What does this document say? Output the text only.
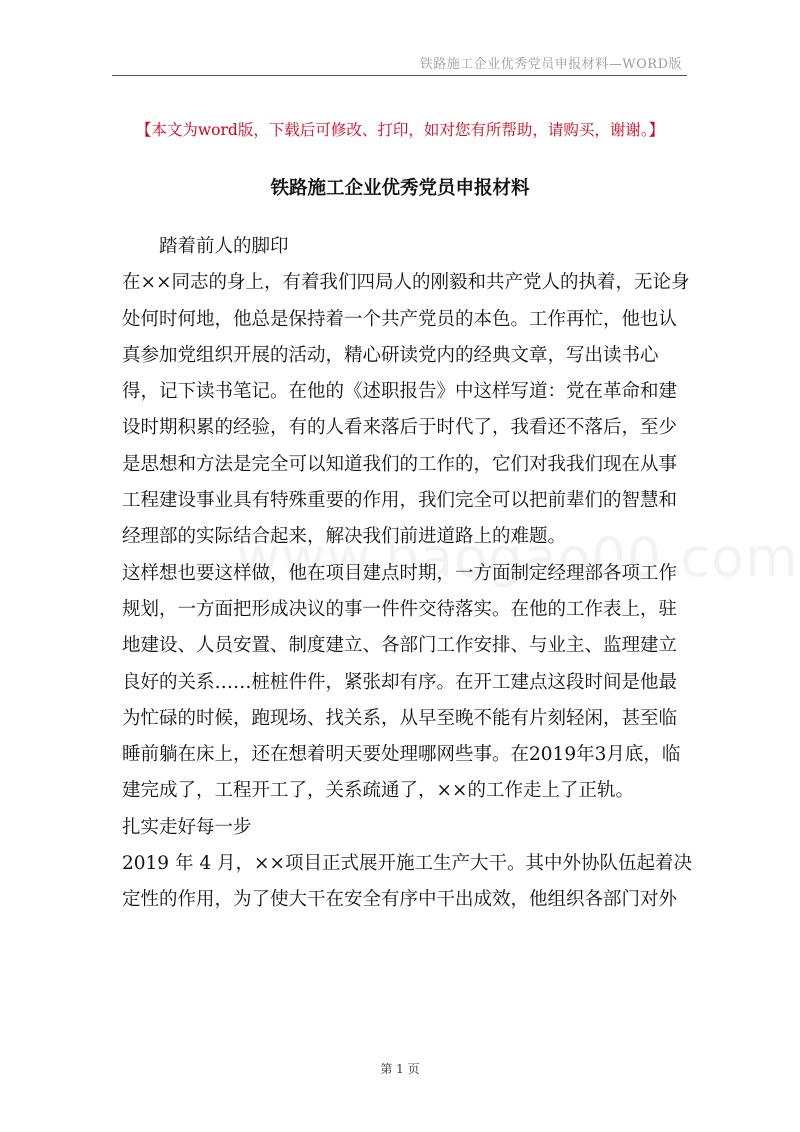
铁路施工企业优秀党员申报材料—WORD版
【本文为word版，下载后可修改、打印，如对您有所帮助，请购买，谢谢。】
铁路施工企业优秀党员申报材料

踏着前人的脚印

在××同志的身上，有着我们四局人的刚毅和共产党人的执着，无论身处何时何地，他总是保持着一个共产党员的本色。工作再忙，他也认真参加党组织开展的活动，精心研读党内的经典文章，写出读书心得，记下读书笔记。在他的《述职报告》中这样写道：党在革命和建设时期积累的经验，有的人看来落后于时代了，我看还不落后，至少是思想和方法是完全可以知道我们的工作的，它们对我我们现在从事工程建设事业具有特殊重要的作用，我们完全可以把前辈们的智慧和经理部的实际结合起来，解决我们前进道路上的难题。

这样想也要这样做，他在项目建点时期，一方面制定经理部各项工作规划，一方面把形成决议的事一件件交待落实。在他的工作表上，驻地建设、人员安置、制度建立、各部门工作安排、与业主、监理建立良好的关系……桩桩件件，紧张却有序。在开工建点这段时间是他最为忙碌的时候，跑现场、找关系，从早至晚不能有片刻轻闲，甚至临睡前躺在床上，还在想着明天要处理哪网些事。在2019年3月底，临建完成了，工程开工了，关系疏通了，××的工作走上了正轨。

扎实走好每一步

2019 年 4 月，××项目正式展开施工生产大干。其中外协队伍起着决定性的作用，为了使大干在安全有序中干出成效，他组织各部门对外

第 1 页
